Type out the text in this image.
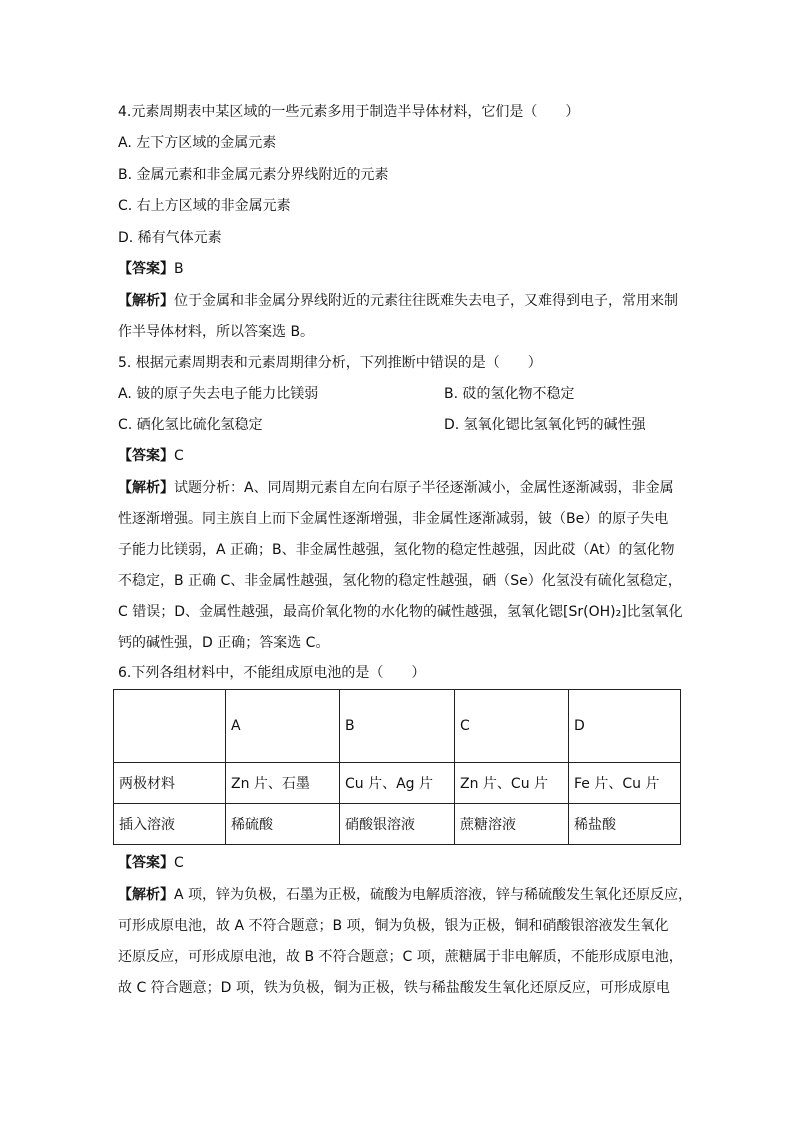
4.元素周期表中某区域的一些元素多用于制造半导体材料，它们是（　　）
A. 左下方区域的金属元素
B. 金属元素和非金属元素分界线附近的元素
C. 右上方区域的非金属元素
D. 稀有气体元素
【答案】B
【解析】位于金属和非金属分界线附近的元素往往既难失去电子，又难得到电子，常用来制
作半导体材料，所以答案选 B。
5. 根据元素周期表和元素周期律分析，下列推断中错误的是（　　）
A. 铍的原子失去电子能力比镁弱	B. 砹的氢化物不稳定
C. 硒化氢比硫化氢稳定	D. 氢氧化锶比氢氧化钙的碱性强
【答案】C
【解析】试题分析：A、同周期元素自左向右原子半径逐渐减小，金属性逐渐减弱，非金属
性逐渐增强。同主族自上而下金属性逐渐增强，非金属性逐渐减弱，铍（Be）的原子失电
子能力比镁弱，A 正确；B、非金属性越强，氢化物的稳定性越强，因此砹（At）的氢化物
不稳定，B 正确 C、非金属性越强，氢化物的稳定性越强，硒（Se）化氢没有硫化氢稳定，
C 错误；D、金属性越强，最高价氧化物的水化物的碱性越强，氢氧化锶[Sr(OH)₂]比氢氧化
钙的碱性强，D 正确；答案选 C。
6.下列各组材料中，不能组成原电池的是（　　）
	A	B	C	D
两极材料	Zn 片、石墨	Cu 片、Ag 片	Zn 片、Cu 片	Fe 片、Cu 片
插入溶液	稀硫酸	硝酸银溶液	蔗糖溶液	稀盐酸
【答案】C
【解析】A 项，锌为负极，石墨为正极，硫酸为电解质溶液，锌与稀硫酸发生氧化还原反应，
可形成原电池，故 A 不符合题意；B 项，铜为负极，银为正极，铜和硝酸银溶液发生氧化
还原反应，可形成原电池，故 B 不符合题意；C 项，蔗糖属于非电解质，不能形成原电池，
故 C 符合题意；D 项，铁为负极，铜为正极，铁与稀盐酸发生氧化还原反应，可形成原电
